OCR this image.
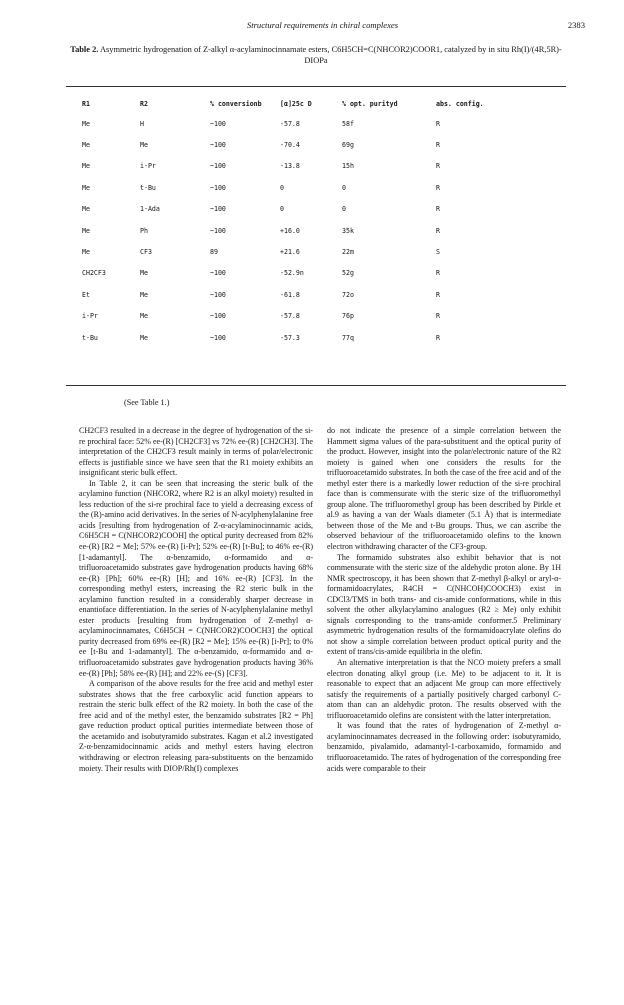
Structural requirements in chiral complexes	2383
Table 2. Asymmetric hydrogenation of Z-alkyl α-acylaminocinnamate esters, C6H5CH=C(NHCOR2)COOR1, catalyzed by in situ Rh(I)/(4R,5R)-DIOPa
R1	R2	% conversionb	[α]25c D	% opt. purityd	abs. config.
Me	H	~100	-57.8	58f	R
Me	Me	~100	-70.4	69g	R
Me	i-Pr	~100	-13.8	15h	R
Me	t-Bu	~100	0	0	R
Me	1-Ada	~100	0	0	R
Me	Ph	~100	+16.0	35k	R
Me	CF3	89	+21.6	22m	S
CH2CF3	Me	~100	-52.9n	52g	R
Et	Me	~100	-61.8	72o	R
i-Pr	Me	~100	-57.8	76p	R
t-Bu	Me	~100	-57.3	77q	R
(See Table 1.)

CH2CF3 resulted in a decrease in the degree of hydrogenation of the si-re prochiral face: 52% ee-(R) [CH2CF3] vs 72% ee-(R) [CH2CH3]. The interpretation of the CH2CF3 result mainly in terms of polar/electronic effects is justifiable since we have seen that the R1 moiety exhibits an insignificant steric bulk effect.

In Table 2, it can be seen that increasing the steric bulk of the acylamino function (NHCOR2, where R2 is an alkyl moiety) resulted in less reduction of the si-re prochiral face to yield a decreasing excess of the (R)-amino acid derivatives. In the series of N-acylphenylalanine free acids [resulting from hydrogenation of Z-α-acylaminocinnamic acids, C6H5CH = C(NHCOR2)COOH] the optical purity decreased from 82% ee-(R) [R2 = Me]; 57% ee-(R) [i-Pr]; 52% ee-(R) [t-Bu]; to 46% ee-(R) [1-adamantyl]. The α-benzamido, α-formamido and α-trifluoroacetamido substrates gave hydrogenation products having 68% ee-(R) [Ph]; 60% ee-(R) [H]; and 16% ee-(R) [CF3]. In the corresponding methyl esters, increasing the R2 steric bulk in the acylamino function resulted in a considerably sharper decrease in enantioface differentiation. In the series of N-acylphenylalanine methyl ester products [resulting from hydrogenation of Z-methyl α-acylaminocinnamates, C6H5CH = C(NHCOR2)COOCH3] the optical purity decreased from 69% ee-(R) [R2 = Me]; 15% ee-(R) [i-Pr]; to 0% ee [t-Bu and 1-adamantyl]. The α-benzamido, α-formamido and α-trifluoroacetamido substrates gave hydrogenation products having 36% ee-(R) [Ph]; 58% ee-(R) [H]; and 22% ee-(S) [CF3].

A comparison of the above results for the free acid and methyl ester substrates shows that the free carboxylic acid function appears to restrain the steric bulk effect of the R2 moiety. In both the case of the free acid and of the methyl ester, the benzamido substrates [R2 = Ph] gave reduction product optical purities intermediate between those of the acetamido and isobutyramido substrates. Kagan et al.2 investigated Z-α-benzamidocinnamic acids and methyl esters having electron withdrawing or electron releasing para-substituents on the benzamido moiety. Their results with DIOP/Rh(I) complexes

do not indicate the presence of a simple correlation between the Hammett sigma values of the para-substituent and the optical purity of the product. However, insight into the polar/electronic nature of the R2 moiety is gained when one considers the results for the trifluoroacetamido substrates. In both the case of the free acid and of the methyl ester there is a markedly lower reduction of the si-re prochiral face than is commensurate with the steric size of the trifluoromethyl group alone. The trifluoromethyl group has been described by Pirkle et al.9 as having a van der Waals diameter (5.1 Å) that is intermediate between those of the Me and t-Bu groups. Thus, we can ascribe the observed behaviour of the trifluoroacetamido olefins to the known electron withdrawing character of the CF3-group.

The formamido substrates also exhibit behavior that is not commensurate with the steric size of the aldehydic proton alone. By 1H NMR spectroscopy, it has been shown that Z-methyl β-alkyl or aryl-α-formamidoacrylates, R4CH = C(NHCOH)COOCH3) exist in CDCl3/TMS in both trans- and cis-amide conformations, while in this solvent the other alkylacylamino analogues (R2 ≥ Me) only exhibit signals corresponding to the trans-amide conformer.5 Preliminary asymmetric hydrogenation results of the formamidoacrylate olefins do not show a simple correlation between product optical purity and the extent of trans/cis-amide equilibria in the olefin.

An alternative interpretation is that the NCO moiety prefers a small electron donating alkyl group (i.e. Me) to be adjacent to it. It is reasonable to expect that an adjacent Me group can more effectively satisfy the requirements of a partially positively charged carbonyl C-atom than can an aldehydic proton. The results observed with the trifluoroacetamido olefins are consistent with the latter interpretation.

It was found that the rates of hydrogenation of Z-methyl α-acylaminocinnamates decreased in the following order: isobutyramido, benzamido, pivalamido, adamantyl-1-carboxamido, formamido and trifluoroacetamido. The rates of hydrogenation of the corresponding free acids were comparable to their
